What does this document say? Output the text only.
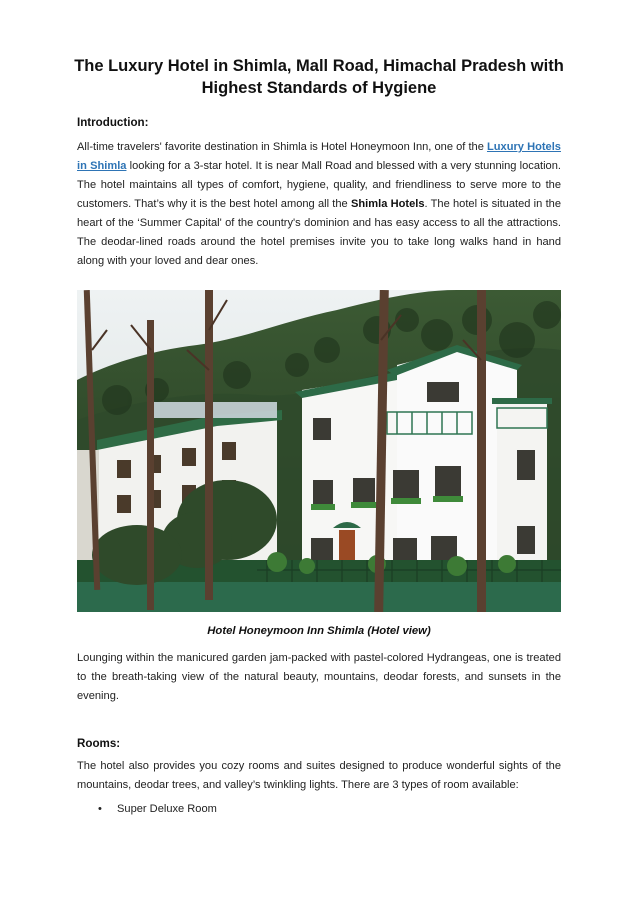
The Luxury Hotel in Shimla, Mall Road, Himachal Pradesh with Highest Standards of Hygiene

Introduction:

All-time travelers' favorite destination in Shimla is Hotel Honeymoon Inn, one of the Luxury Hotels in Shimla looking for a 3-star hotel. It is near Mall Road and blessed with a very stunning location. The hotel maintains all types of comfort, hygiene, quality, and friendliness to serve more to the customers. That’s why it is the best hotel among all the Shimla Hotels. The hotel is situated in the heart of the ‘Summer Capital' of the country's dominion and has easy access to all the attractions. The deodar-lined roads around the hotel premises invite you to take long walks hand in hand along with your loved and dear ones.

Hotel Honeymoon Inn Shimla (Hotel view)

Lounging within the manicured garden jam-packed with pastel-colored Hydrangeas, one is treated to the breath-taking view of the natural beauty, mountains, deodar forests, and sunsets in the evening.

Rooms:

The hotel also provides you cozy rooms and suites designed to produce wonderful sights of the mountains, deodar trees, and valley’s twinkling lights. There are 3 types of room available:

• Super Deluxe Room
